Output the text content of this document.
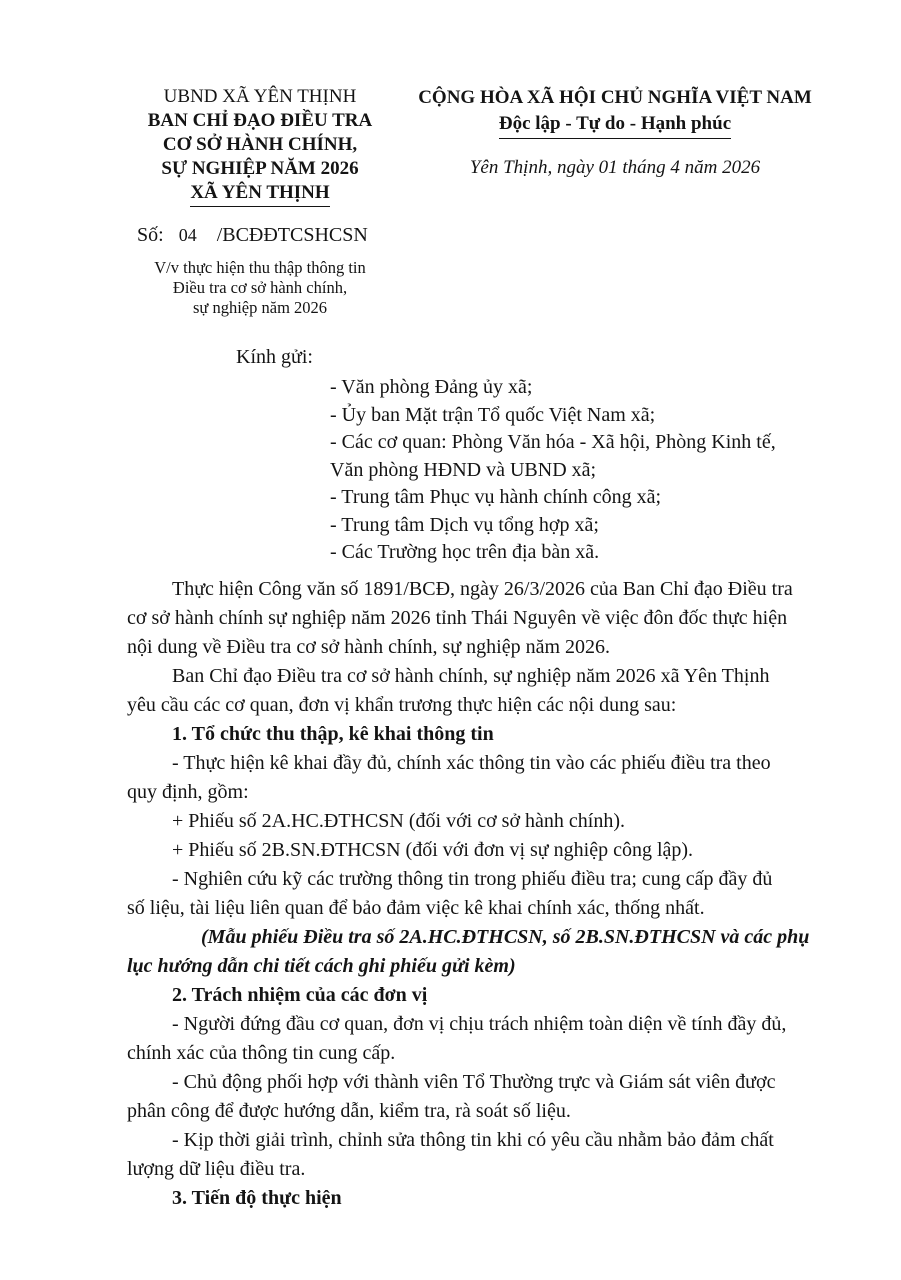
UBND XÃ YÊN THỊNH
BAN CHỈ ĐẠO ĐIỀU TRA
CƠ SỞ HÀNH CHÍNH,
SỰ NGHIỆP NĂM 2026
XÃ YÊN THỊNH
CỘNG HÒA XÃ HỘI CHỦ NGHĨA VIỆT NAM
Độc lập - Tự do - Hạnh phúc
Yên Thịnh, ngày 01 tháng 4 năm 2026
Số: 04 /BCĐĐTCSHCSN
V/v thực hiện thu thập thông tin
Điều tra cơ sở hành chính,
sự nghiệp năm 2026
Kính gửi:
- Văn phòng Đảng ủy xã;
- Ủy ban Mặt trận Tổ quốc Việt Nam xã;
- Các cơ quan: Phòng Văn hóa - Xã hội, Phòng Kinh tế,
Văn phòng HĐND và UBND xã;
- Trung tâm Phục vụ hành chính công xã;
- Trung tâm Dịch vụ tổng hợp xã;
- Các Trường học trên địa bàn xã.
Thực hiện Công văn số 1891/BCĐ, ngày 26/3/2026 của Ban Chỉ đạo Điều tra
cơ sở hành chính sự nghiệp năm 2026 tỉnh Thái Nguyên về việc đôn đốc thực hiện
nội dung về Điều tra cơ sở hành chính, sự nghiệp năm 2026.
Ban Chỉ đạo Điều tra cơ sở hành chính, sự nghiệp năm 2026 xã Yên Thịnh
yêu cầu các cơ quan, đơn vị khẩn trương thực hiện các nội dung sau:
1. Tổ chức thu thập, kê khai thông tin
- Thực hiện kê khai đầy đủ, chính xác thông tin vào các phiếu điều tra theo
quy định, gồm:
+ Phiếu số 2A.HC.ĐTHCSN (đối với cơ sở hành chính).
+ Phiếu số 2B.SN.ĐTHCSN (đối với đơn vị sự nghiệp công lập).
- Nghiên cứu kỹ các trường thông tin trong phiếu điều tra; cung cấp đầy đủ
số liệu, tài liệu liên quan để bảo đảm việc kê khai chính xác, thống nhất.
(Mẫu phiếu Điều tra số 2A.HC.ĐTHCSN, số 2B.SN.ĐTHCSN và các phụ
lục hướng dẫn chi tiết cách ghi phiếu gửi kèm)
2. Trách nhiệm của các đơn vị
- Người đứng đầu cơ quan, đơn vị chịu trách nhiệm toàn diện về tính đầy đủ,
chính xác của thông tin cung cấp.
- Chủ động phối hợp với thành viên Tổ Thường trực và Giám sát viên được
phân công để được hướng dẫn, kiểm tra, rà soát số liệu.
- Kịp thời giải trình, chỉnh sửa thông tin khi có yêu cầu nhằm bảo đảm chất
lượng dữ liệu điều tra.
3. Tiến độ thực hiện
